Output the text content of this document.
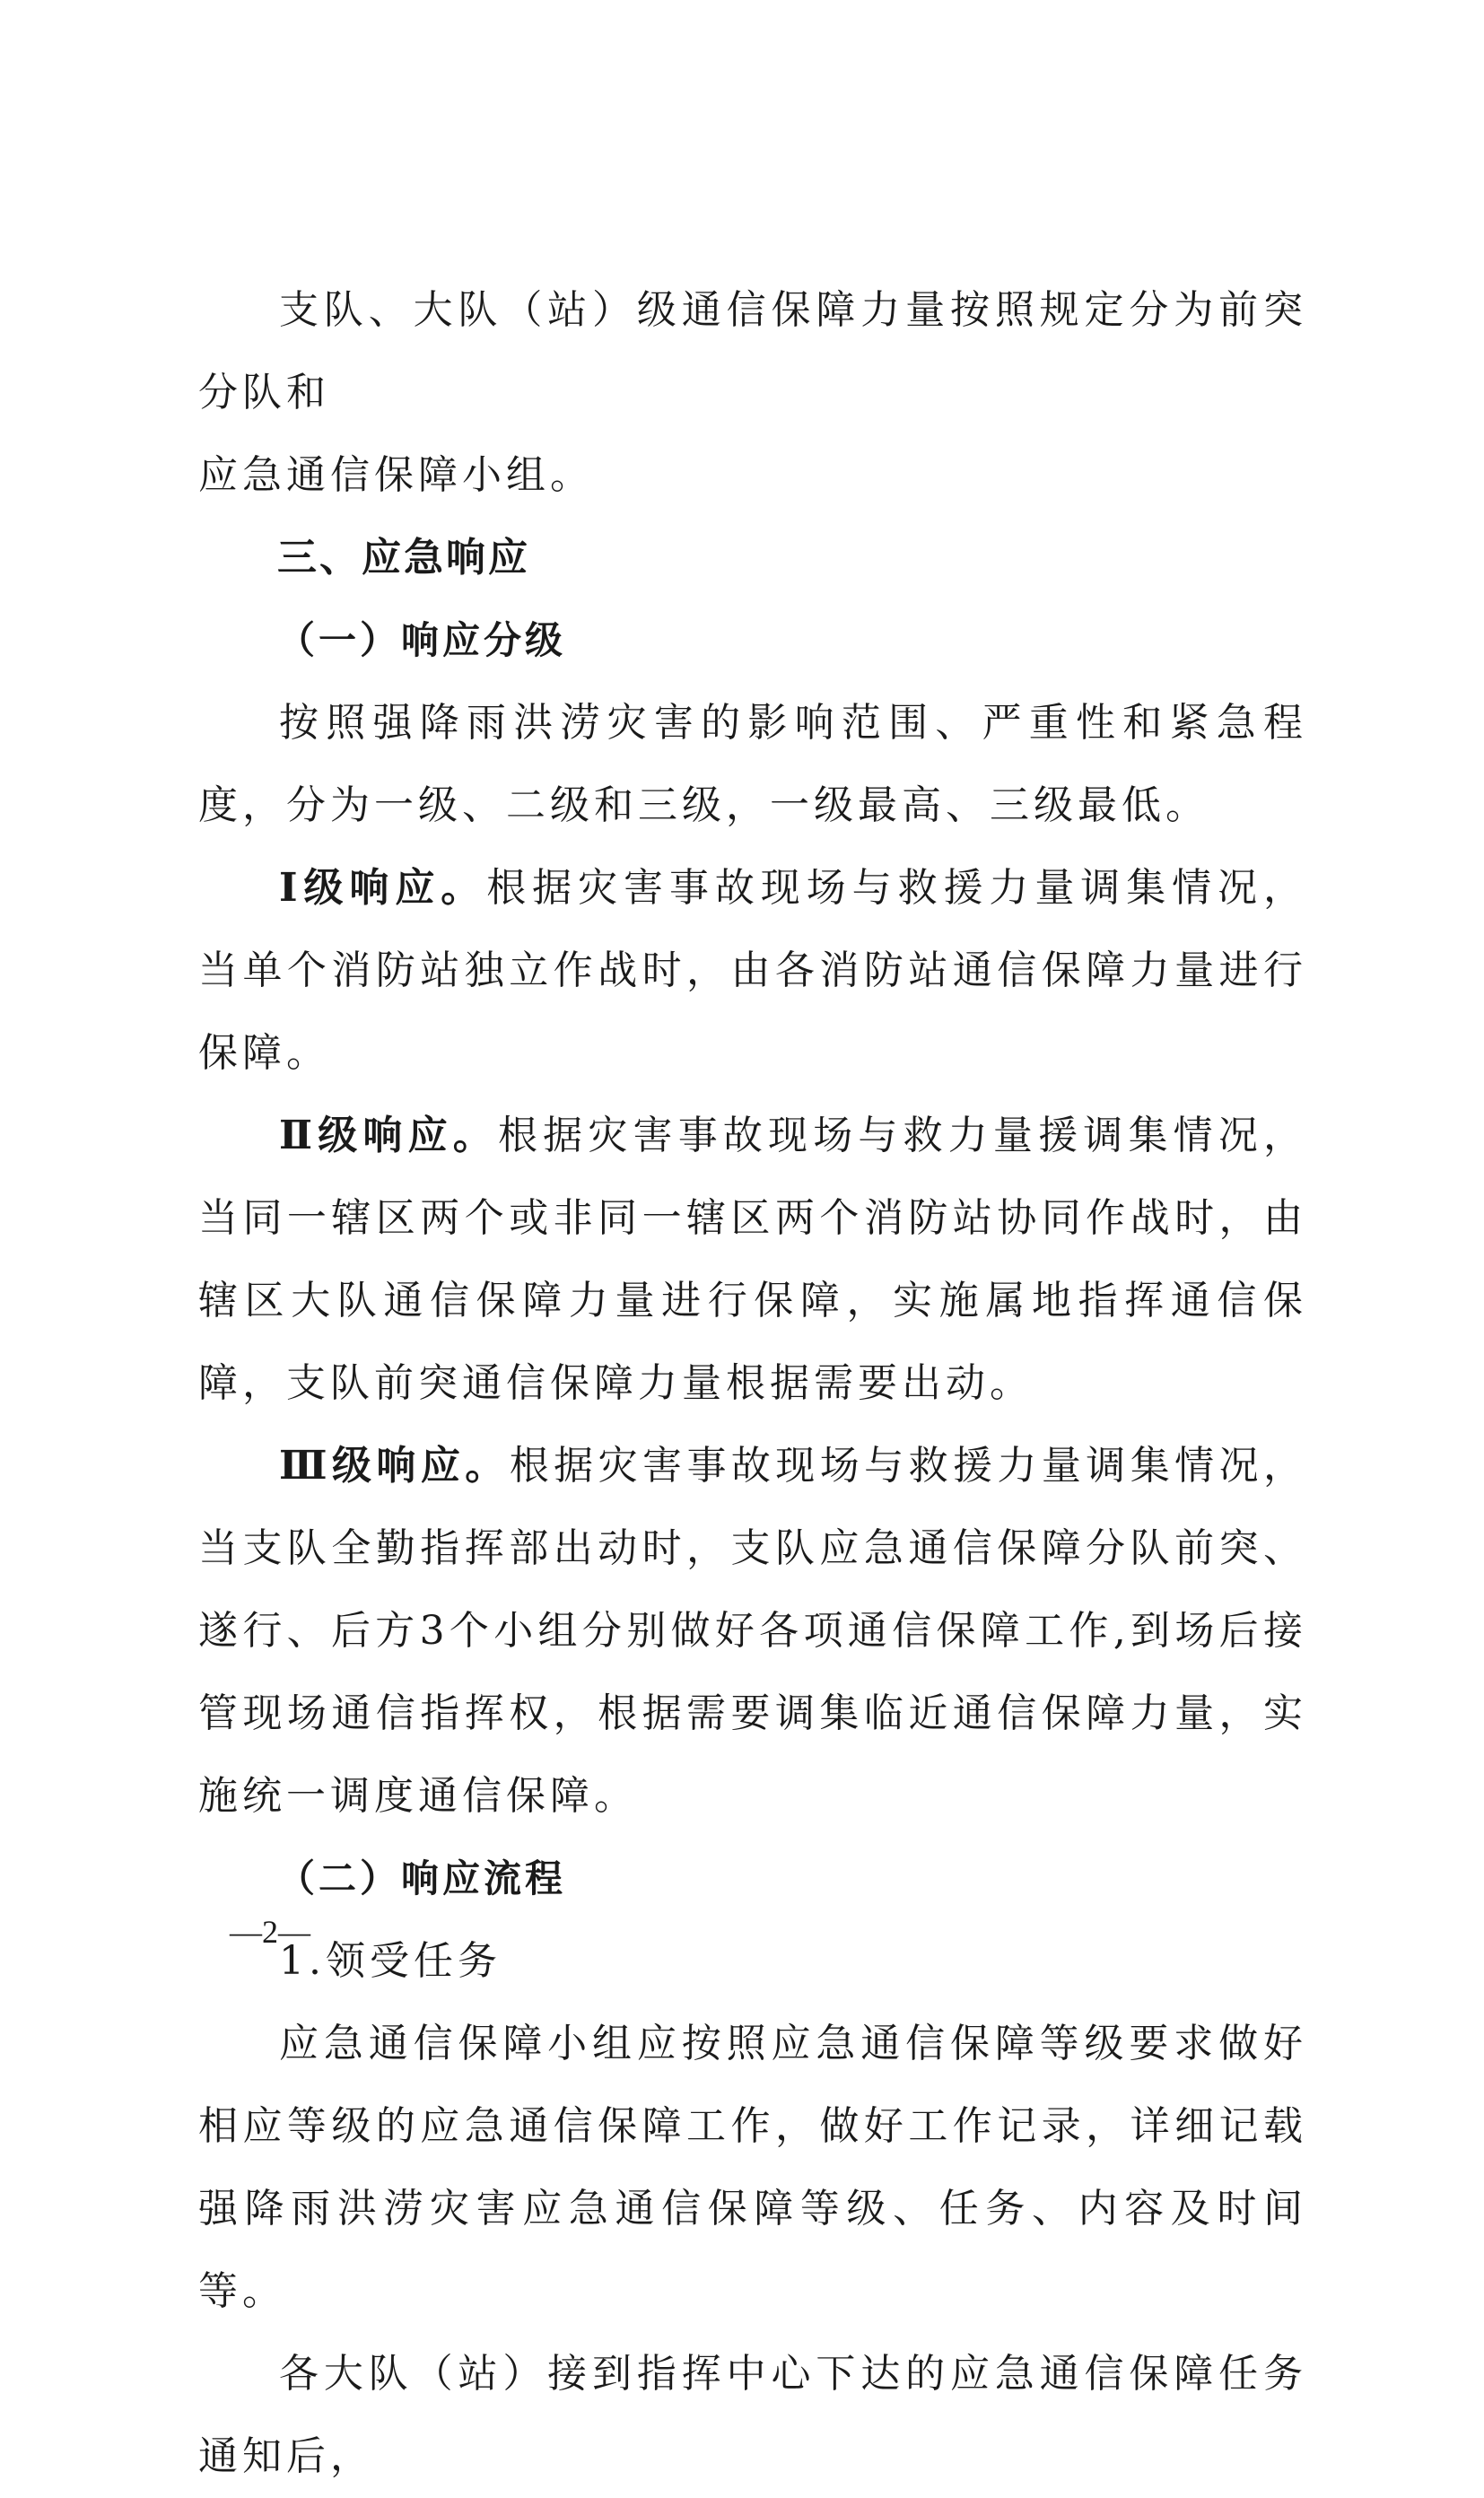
支队、大队（站）级通信保障力量按照规定分为前突分队和

应急通信保障小组。

三、应急响应

（一）响应分级

按照强降雨洪涝灾害的影响范围、严重性和紧急程度，分为一级、二级和三级，一级最高、三级最低。

Ⅰ级响应。根据灾害事故现场与救援力量调集情况，当单个消防站独立作战时，由各消防站通信保障力量进行保障。

Ⅱ级响应。根据灾害事故现场与救力量援调集情况，当同一辖区两个或非同一辖区两个消防站协同作战时，由辖区大队通信保障力量进行保障，实施属地指挥通信保障，支队前突通信保障力量根据需要出动。

Ⅲ级响应。根据灾害事故现场与救援力量调集情况，当支队全勤指挥部出动时，支队应急通信保障分队前突、遂行、后方3个小组分别做好各项通信保障工作,到场后接管现场通信指挥权，根据需要调集临近通信保障力量，实施统一调度通信保障。

（二）响应流程

1.领受任务

应急通信保障小组应按照应急通信保障等级要求做好相应等级的应急通信保障工作，做好工作记录，详细记载强降雨洪涝灾害应急通信保障等级、任务、内容及时间等。

各大队（站）接到指挥中心下达的应急通信保障任务通知后，

—2—
